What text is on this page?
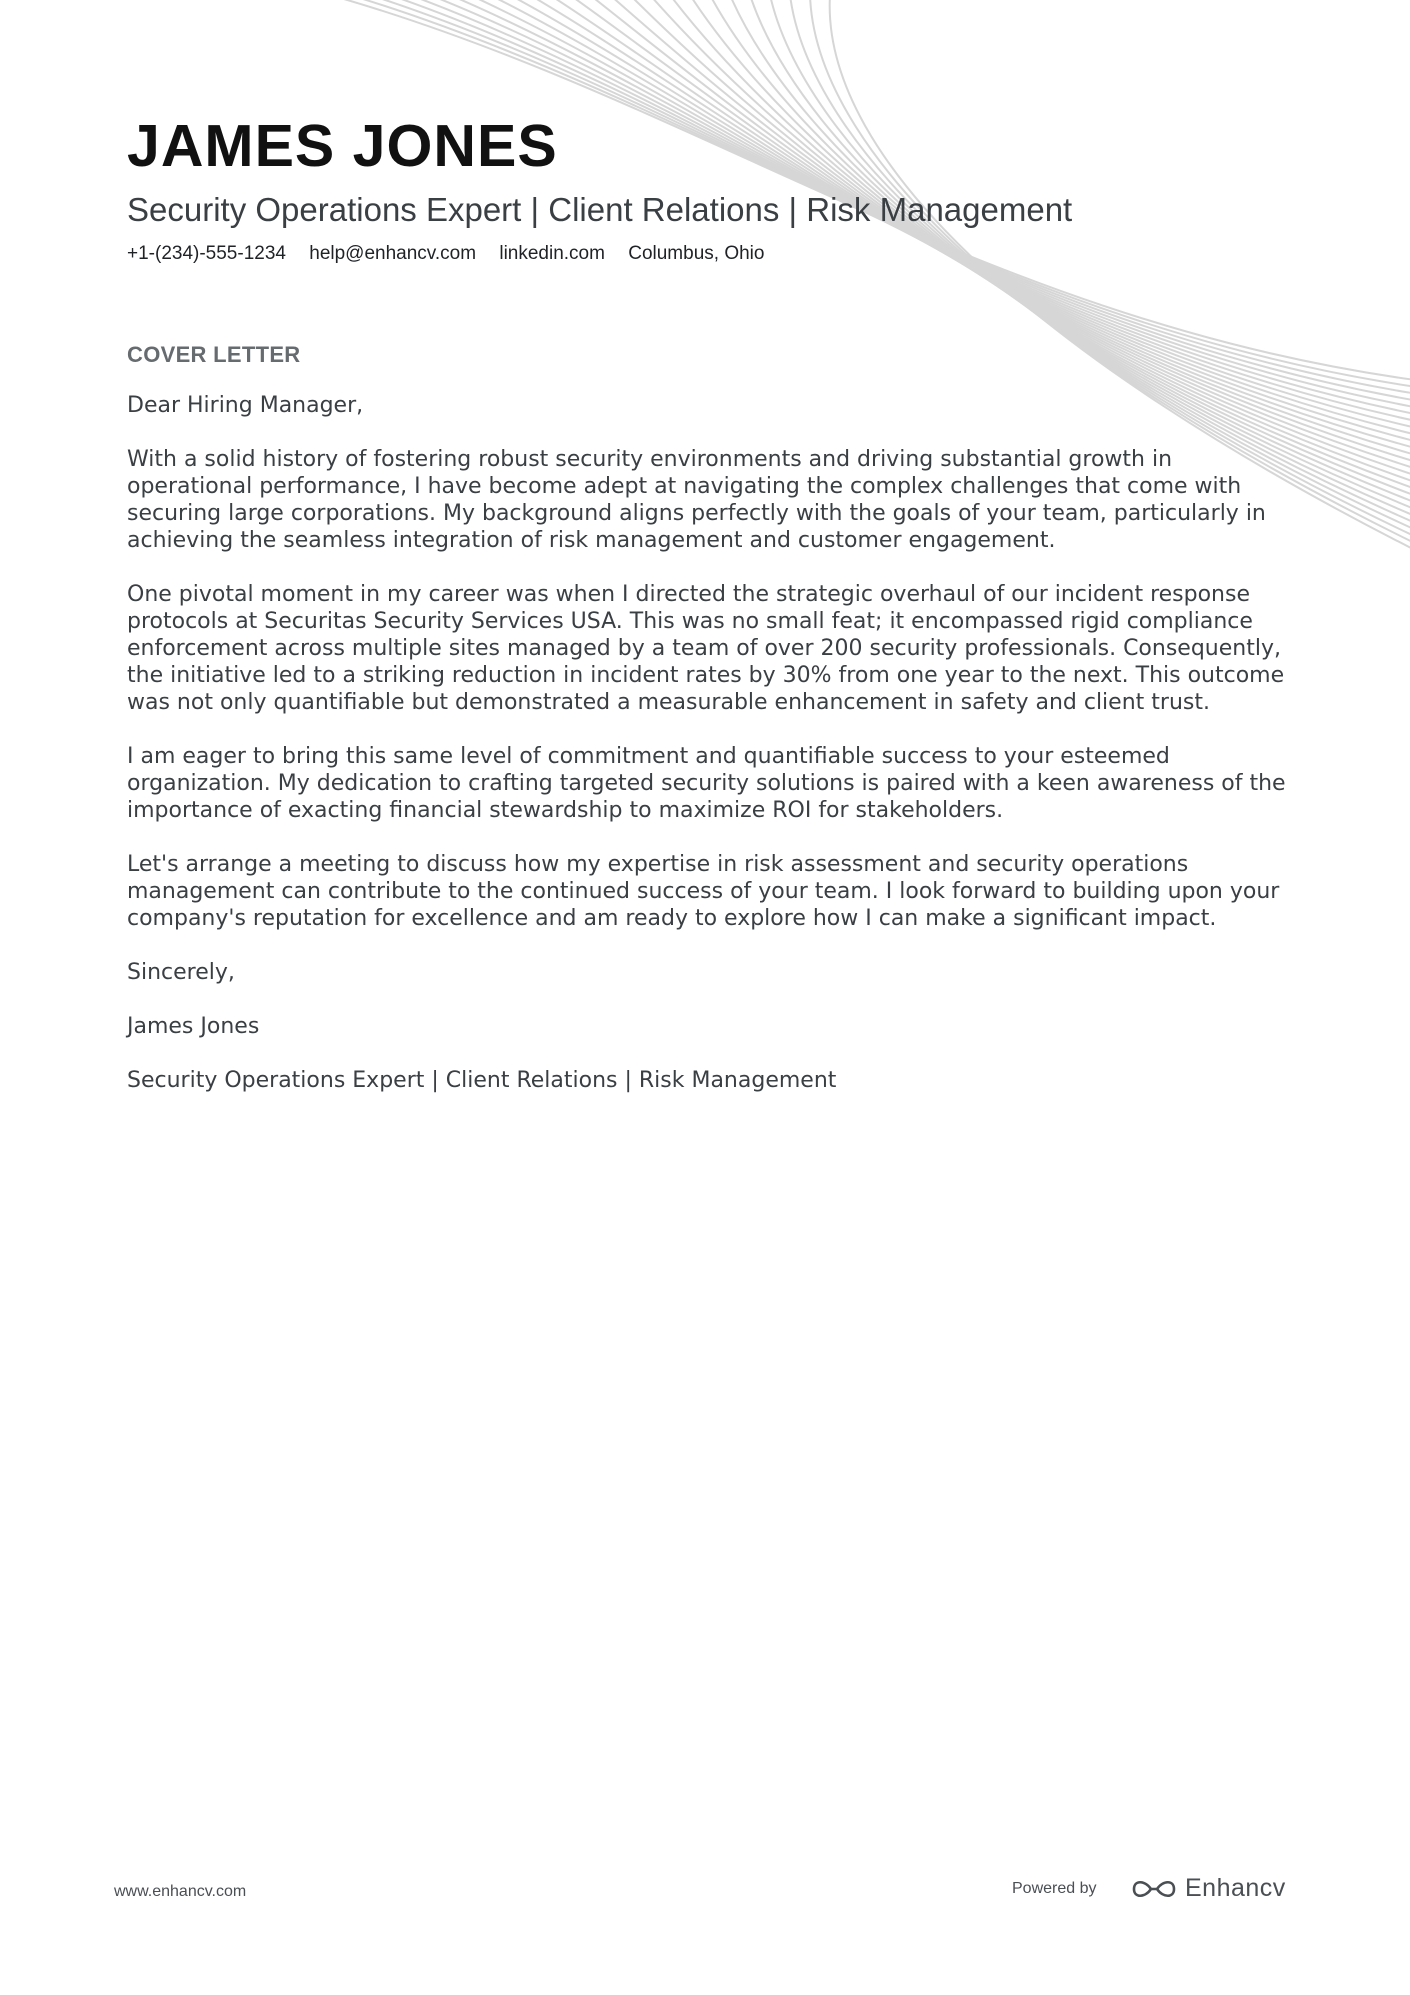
JAMES JONES
Security Operations Expert | Client Relations | Risk Management
+1-(234)-555-1234 help@enhancv.com linkedin.com Columbus, Ohio
COVER LETTER

Dear Hiring Manager,

With a solid history of fostering robust security environments and driving substantial growth in operational performance, I have become adept at navigating the complex challenges that come with securing large corporations. My background aligns perfectly with the goals of your team, particularly in achieving the seamless integration of risk management and customer engagement.

One pivotal moment in my career was when I directed the strategic overhaul of our incident response protocols at Securitas Security Services USA. This was no small feat; it encompassed rigid compliance enforcement across multiple sites managed by a team of over 200 security professionals. Consequently, the initiative led to a striking reduction in incident rates by 30% from one year to the next. This outcome was not only quantifiable but demonstrated a measurable enhancement in safety and client trust.

I am eager to bring this same level of commitment and quantifiable success to your esteemed organization. My dedication to crafting targeted security solutions is paired with a keen awareness of the importance of exacting financial stewardship to maximize ROI for stakeholders.

Let's arrange a meeting to discuss how my expertise in risk assessment and security operations management can contribute to the continued success of your team. I look forward to building upon your company's reputation for excellence and am ready to explore how I can make a significant impact.

Sincerely,

James Jones

Security Operations Expert | Client Relations | Risk Management

www.enhancv.com	Powered by	Enhancv
